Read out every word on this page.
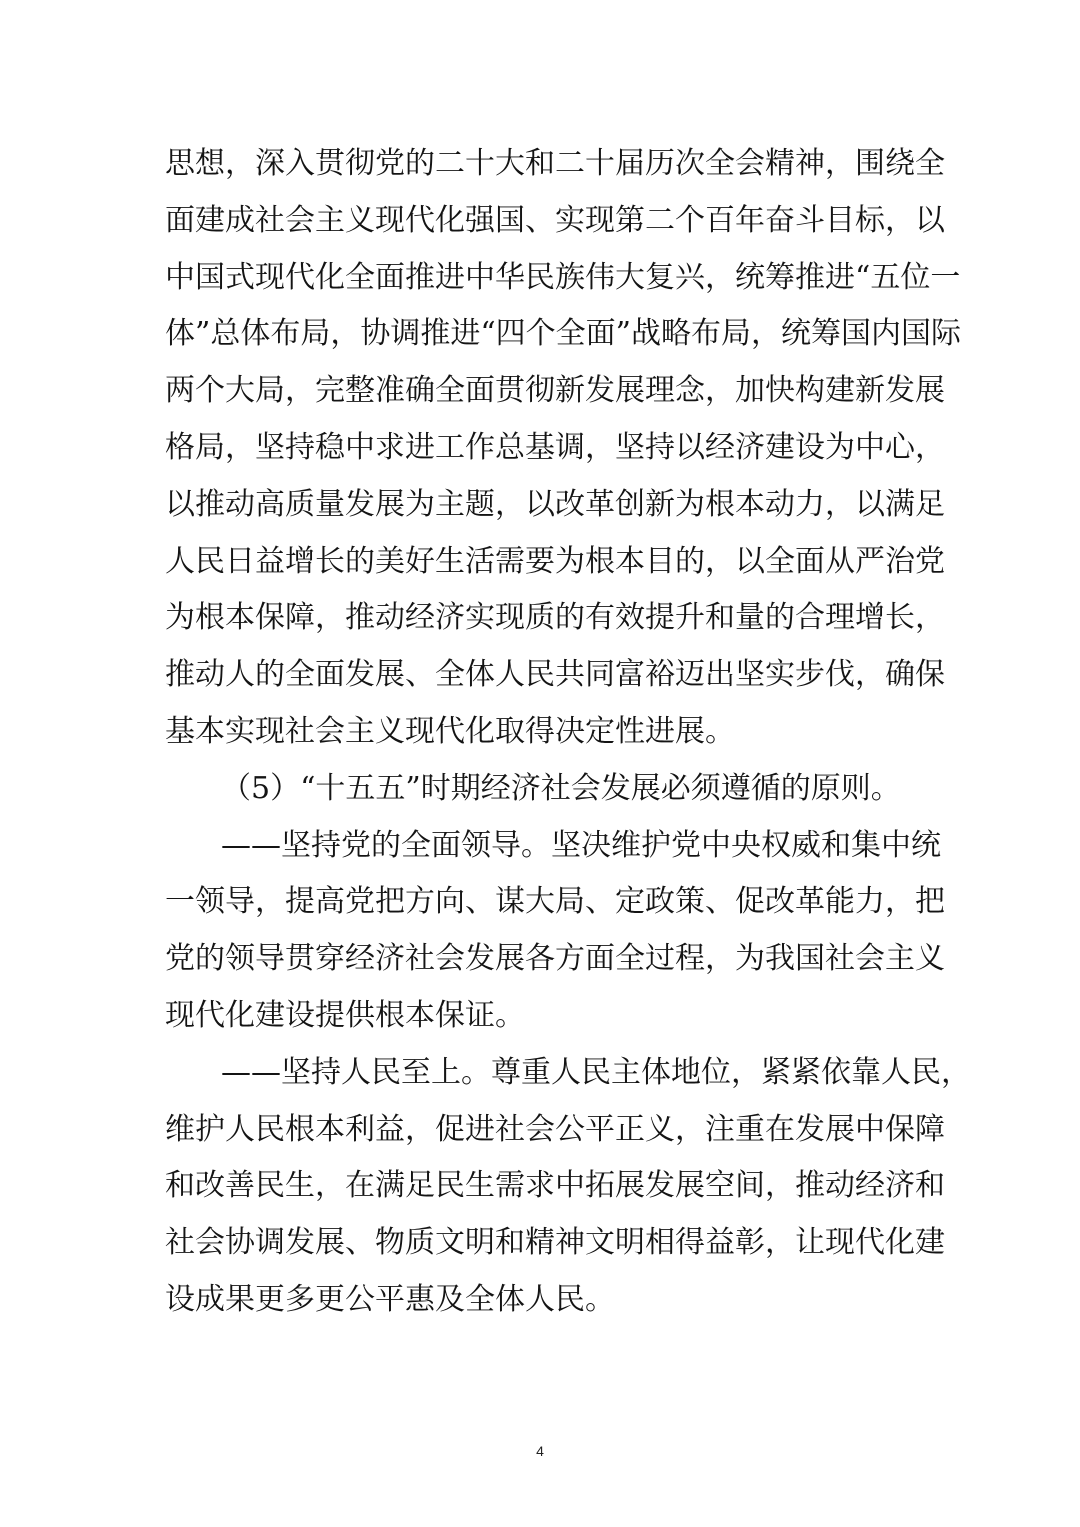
思想，深入贯彻党的二十大和二十届历次全会精神，围绕全
面建成社会主义现代化强国、实现第二个百年奋斗目标，以
中国式现代化全面推进中华民族伟大复兴，统筹推进“五位一
体”总体布局，协调推进“四个全面”战略布局，统筹国内国际
两个大局，完整准确全面贯彻新发展理念，加快构建新发展
格局，坚持稳中求进工作总基调，坚持以经济建设为中心，
以推动高质量发展为主题，以改革创新为根本动力，以满足
人民日益增长的美好生活需要为根本目的，以全面从严治党
为根本保障，推动经济实现质的有效提升和量的合理增长，
推动人的全面发展、全体人民共同富裕迈出坚实步伐，确保
基本实现社会主义现代化取得决定性进展。
（5）“十五五”时期经济社会发展必须遵循的原则。
——坚持党的全面领导。坚决维护党中央权威和集中统
一领导，提高党把方向、谋大局、定政策、促改革能力，把
党的领导贯穿经济社会发展各方面全过程，为我国社会主义
现代化建设提供根本保证。
——坚持人民至上。尊重人民主体地位，紧紧依靠人民，
维护人民根本利益，促进社会公平正义，注重在发展中保障
和改善民生，在满足民生需求中拓展发展空间，推动经济和
社会协调发展、物质文明和精神文明相得益彰，让现代化建
设成果更多更公平惠及全体人民。
4
